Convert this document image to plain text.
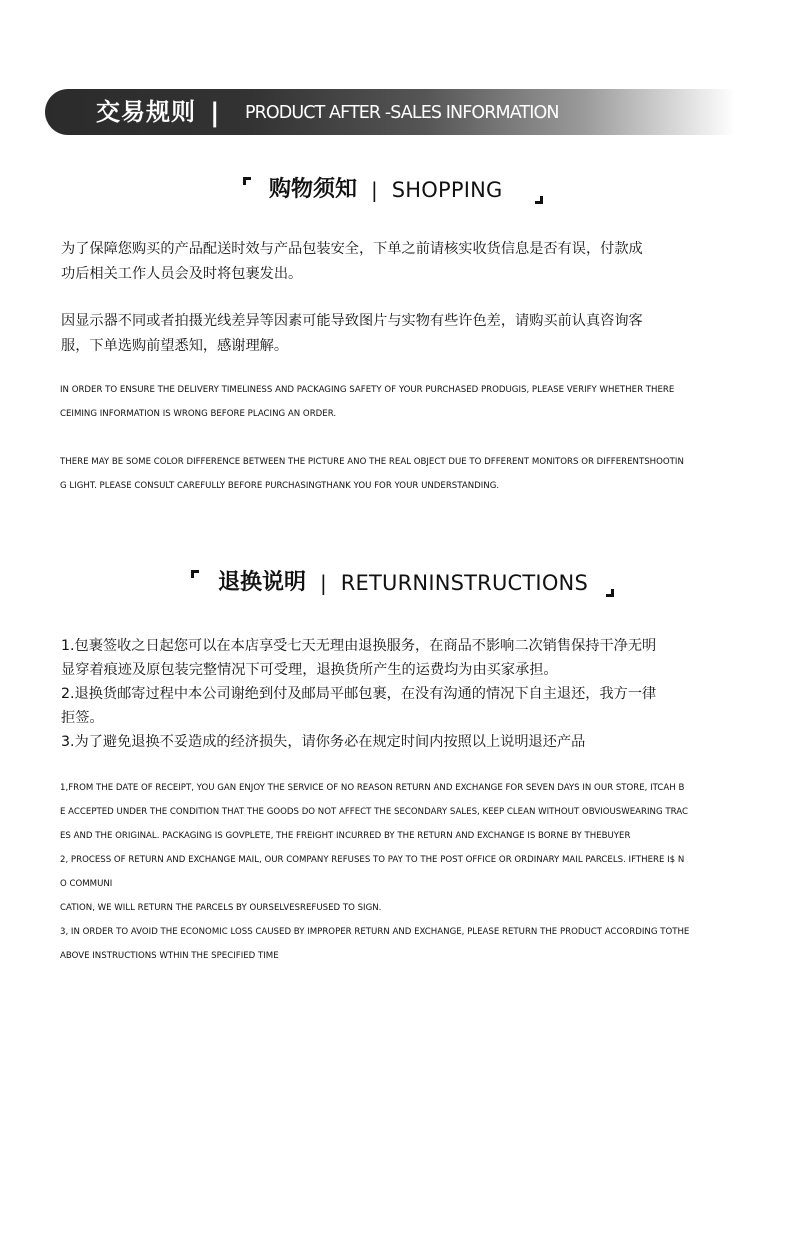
交易规则 | PRODUCT AFTER -SALES INFORMATION
购物须知 | SHOPPING
为了保障您购买的产品配送时效与产品包装安全，下单之前请核实收货信息是否有误，付款成
功后相关工作人员会及时将包裹发出。
因显示器不同或者拍摄光线差异等因素可能导致图片与实物有些许色差，请购买前认真咨询客
服，下单选购前望悉知，感谢理解。
IN ORDER TO ENSURE THE DELIVERY TIMELINESS AND PACKAGING SAFETY OF YOUR PURCHASED PRODUGIS, PLEASE VERIFY WHETHER THERE
CEIMING INFORMATION IS WRONG BEFORE PLACING AN ORDER.
THERE MAY BE SOME COLOR DIFFERENCE BETWEEN THE PICTURE ANO THE REAL OBJECT DUE TO DFFERENT MONITORS OR DIFFERENTSHOOTIN
G LIGHT. PLEASE CONSULT CAREFULLY BEFORE PURCHASINGTHANK YOU FOR YOUR UNDERSTANDING.
退换说明 | RETURNINSTRUCTIONS
1.包裹签收之日起您可以在本店享受七天无理由退换服务，在商品不影响二次销售保持干净无明
显穿着痕迹及原包装完整情况下可受理，退换货所产生的运费均为由买家承担。
2.退换货邮寄过程中本公司谢绝到付及邮局平邮包裹，在没有沟通的情况下自主退还，我方一律
拒签。
3.为了避免退换不妥造成的经济损失，请你务必在规定时间内按照以上说明退还产品
1,FROM THE DATE OF RECEIPT, YOU GAN ENJOY THE SERVICE OF NO REASON RETURN AND EXCHANGE FOR SEVEN DAYS IN OUR STORE, ITCAH B
E ACCEPTED UNDER THE CONDITION THAT THE GOODS DO NOT AFFECT THE SECONDARY SALES, KEEP CLEAN WITHOUT OBVIOUSWEARING TRAC
ES AND THE ORIGINAL. PACKAGING IS GOVPLETE, THE FREIGHT INCURRED BY THE RETURN AND EXCHANGE IS BORNE BY THEBUYER
2, PROCESS OF RETURN AND EXCHANGE MAIL, OUR COMPANY REFUSES TO PAY TO THE POST OFFICE OR ORDINARY MAIL PARCELS. IFTHERE I$ N
O COMMUNI
CATION, WE WILL RETURN THE PARCELS BY OURSELVESREFUSED TO SIGN.
3, IN ORDER TO AVOID THE ECONOMIC LOSS CAUSED BY IMPROPER RETURN AND EXCHANGE, PLEASE RETURN THE PRODUCT ACCORDING TOTHE
ABOVE INSTRUCTIONS WTHIN THE SPECIFIED TIME
